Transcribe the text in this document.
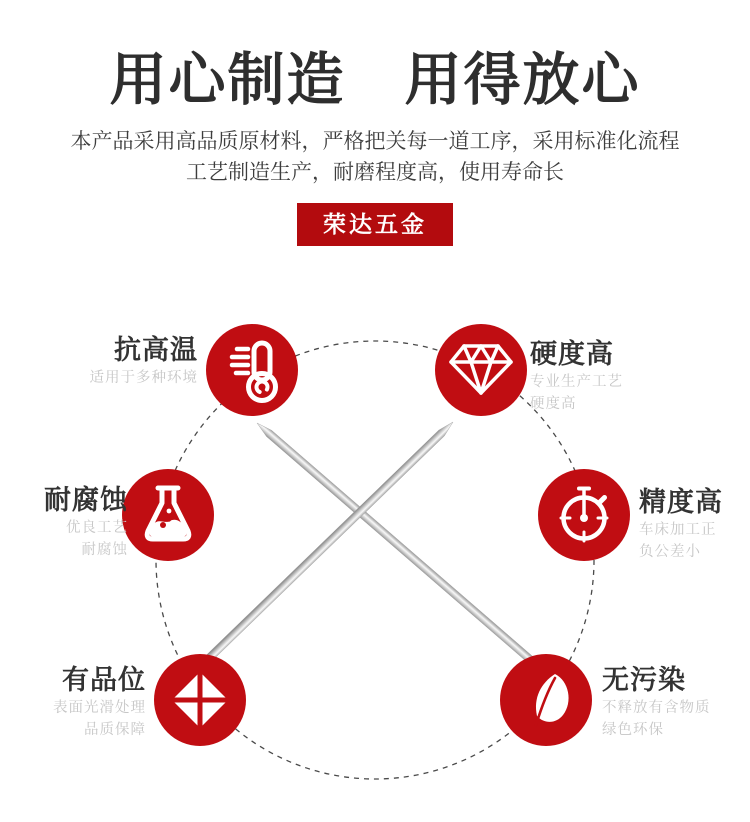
用心制造　用得放心
本产品采用高品质原材料，严格把关每一道工序，采用标准化流程
工艺制造生产，耐磨程度高，使用寿命长
荣达五金
抗高温
适用于多种环境
硬度高
专业生产工艺
硬度高
耐腐蚀
优良工艺
耐腐蚀
精度高
车床加工正
负公差小
有品位
表面光滑处理
品质保障
无污染
不释放有含物质
绿色环保
